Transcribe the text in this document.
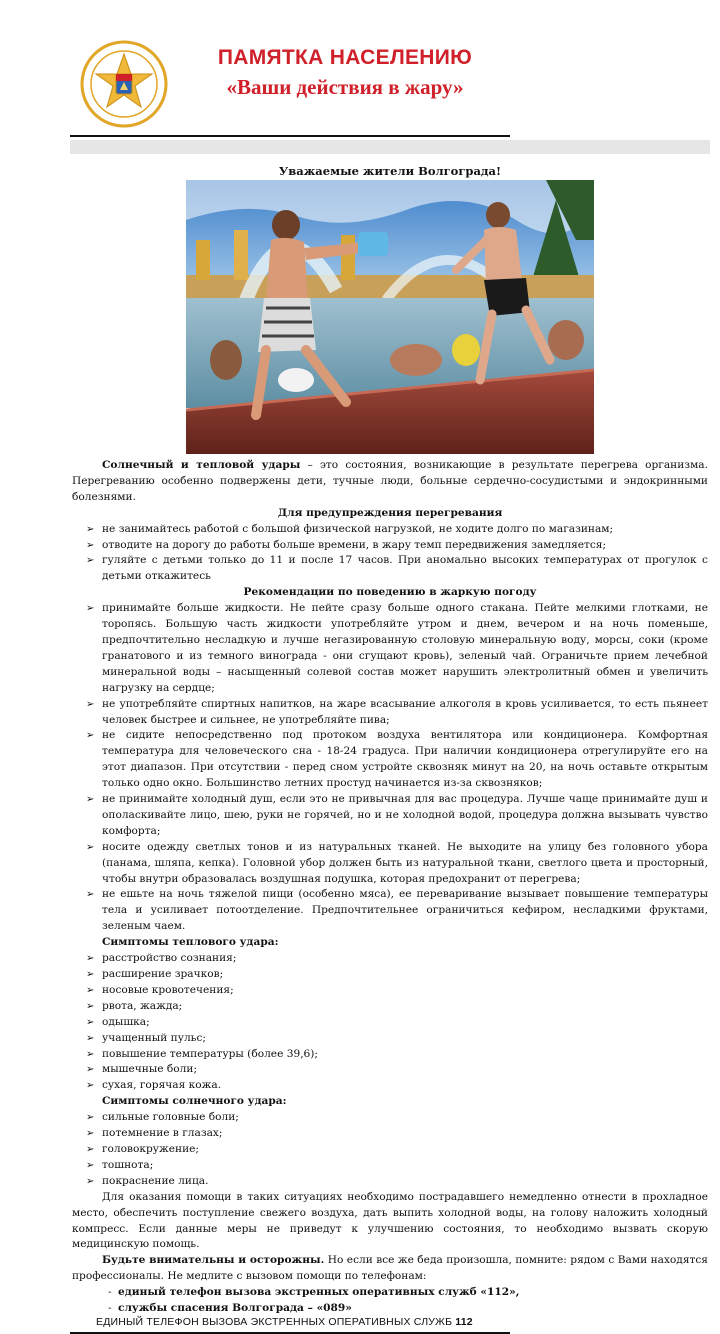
ПАМЯТКА НАСЕЛЕНИЮ
«Ваши действия в жару»
Уважаемые жители Волгограда!

Солнечный и тепловой удары – это состояния, возникающие в результате перегрева организма. Перегреванию особенно подвержены дети, тучные люди, больные сердечно-сосудистыми и эндокринными болезнями.

Для предупреждения перегревания

➢ не занимайтесь работой с большой физической нагрузкой, не ходите долго по магазинам;
➢ отводите на дорогу до работы больше времени, в жару темп передвижения замедляется;
➢ гуляйте с детьми только до 11 и после 17 часов. При аномально высоких температурах от прогулок с детьми откажитесь

Рекомендации по поведению в жаркую погоду

➢ принимайте больше жидкости. Не пейте сразу больше одного стакана. Пейте мелкими глотками, не торопясь. Большую часть жидкости употребляйте утром и днем, вечером и на ночь поменьше, предпочтительно несладкую и лучше негазированную столовую минеральную воду, морсы, соки (кроме гранатового и из темного винограда - они сгущают кровь), зеленый чай. Ограничьте прием лечебной минеральной воды – насыщенный солевой состав может нарушить электролитный обмен и увеличить нагрузку на сердце;
➢ не употребляйте спиртных напитков, на жаре всасывание алкоголя в кровь усиливается, то есть пьянеет человек быстрее и сильнее, не употребляйте пива;
➢ не сидите непосредственно под протоком воздуха вентилятора или кондиционера. Комфортная температура для человеческого сна - 18-24 градуса. При наличии кондиционера отрегулируйте его на этот диапазон. При отсутствии - перед сном устройте сквозняк минут на 20, на ночь оставьте открытым только одно окно. Большинство летних простуд начинается из-за сквозняков;
➢ не принимайте холодный душ, если это не привычная для вас процедура. Лучше чаще принимайте душ и ополаскивайте лицо, шею, руки не горячей, но и не холодной водой, процедура должна вызывать чувство комфорта;
➢ носите одежду светлых тонов и из натуральных тканей. Не выходите на улицу без головного убора (панама, шляпа, кепка). Головной убор должен быть из натуральной ткани, светлого цвета и просторный, чтобы внутри образовалась воздушная подушка, которая предохранит от перегрева;
➢ не ешьте на ночь тяжелой пищи (особенно мяса), ее переваривание вызывает повышение температуры тела и усиливает потоотделение. Предпочтительнее ограничиться кефиром, несладкими фруктами, зеленым чаем.

Симптомы теплового удара:

➢ расстройство сознания;
➢ расширение зрачков;
➢ носовые кровотечения;
➢ рвота, жажда;
➢ одышка;
➢ учащенный пульс;
➢ повышение температуры (более 39,6);
➢ мышечные боли;
➢ сухая, горячая кожа.

Симптомы солнечного удара:

➢ сильные головные боли;
➢ потемнение в глазах;
➢ головокружение;
➢ тошнота;
➢ покраснение лица.

Для оказания помощи в таких ситуациях необходимо пострадавшего немедленно отнести в прохладное место, обеспечить поступление свежего воздуха, дать выпить холодной воды, на голову наложить холодный компресс. Если данные меры не приведут к улучшению состояния, то необходимо вызвать скорую медицинскую помощь.

Будьте внимательны и осторожны. Но если все же беда произошла, помните: рядом с Вами находятся профессионалы. Не медлите с вызовом помощи по телефонам:

- единый телефон вызова экстренных оперативных служб «112»,
- службы спасения Волгограда – «089»
ЕДИНЫЙ ТЕЛЕФОН ВЫЗОВА ЭКСТРЕННЫХ ОПЕРАТИВНЫХ СЛУЖБ 112
